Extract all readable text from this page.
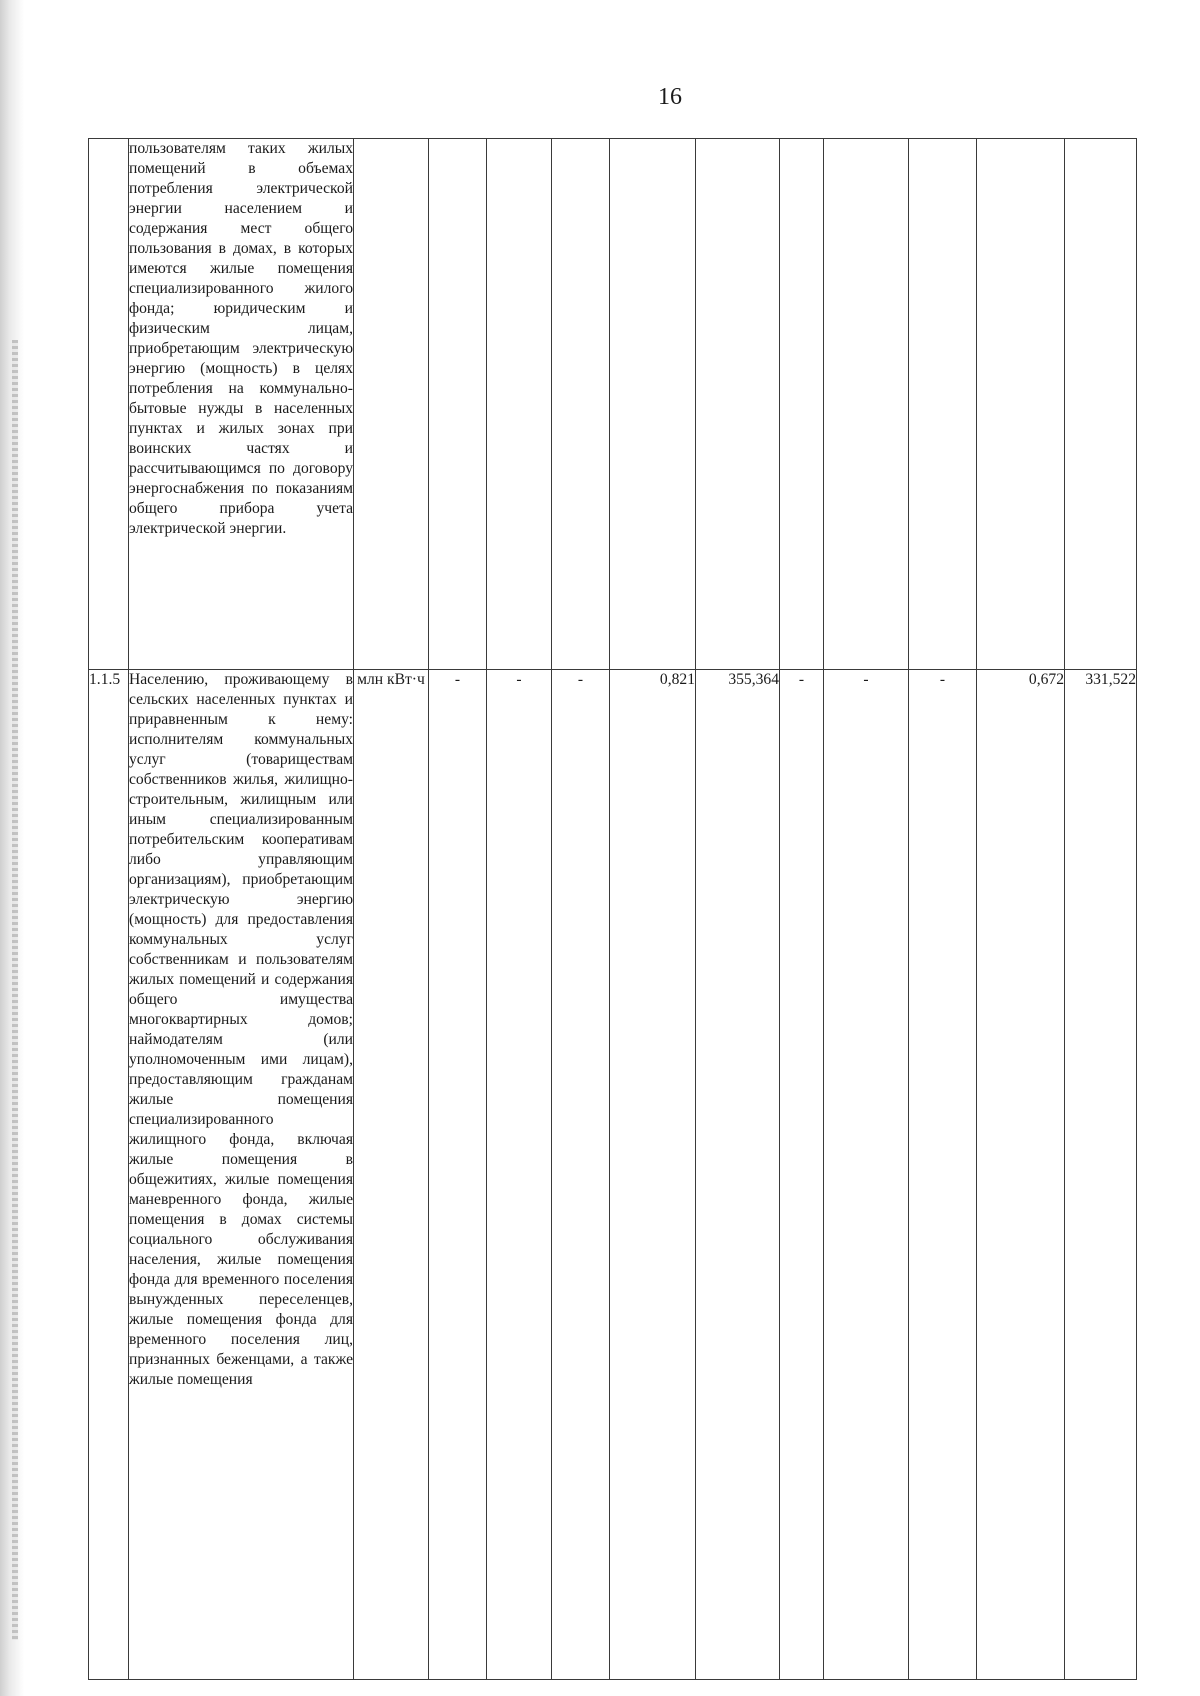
16
	пользователям таких жилых помещений в объемах потребления электрической энергии населением и содержания мест общего пользования в домах, в которых имеются жилые помещения специализированного жилого фонда; юридическим и физическим лицам, приобретающим электрическую энергию (мощность) в целях потребления на коммунально-бытовые нужды в населенных пунктах и жилых зонах при воинских частях и рассчитывающимся по договору энергоснабжения по показаниям общего прибора учета электрической энергии.											
1.1.5	Населению, проживающему в сельских населенных пунктах и приравненным к нему: исполнителям коммунальных услуг (товариществам собственников жилья, жилищно-строительным, жилищным или иным специализированным потребительским кооперативам либо управляющим организациям), приобретающим электрическую энергию (мощность) для предоставления коммунальных услуг собственникам и пользователям жилых помещений и содержания общего имущества многоквартирных домов; наймодателям (или уполномоченным ими лицам), предоставляющим гражданам жилые помещения специализированного жилищного фонда, включая жилые помещения в общежитиях, жилые помещения маневренного фонда, жилые помещения в домах системы социального обслуживания населения, жилые помещения фонда для временного поселения вынужденных переселенцев, жилые помещения фонда для временного поселения лиц, признанных беженцами, а также жилые помещения	млн кВт·ч	-	-	-	0,821	355,364	-	-	-	0,672	331,522
